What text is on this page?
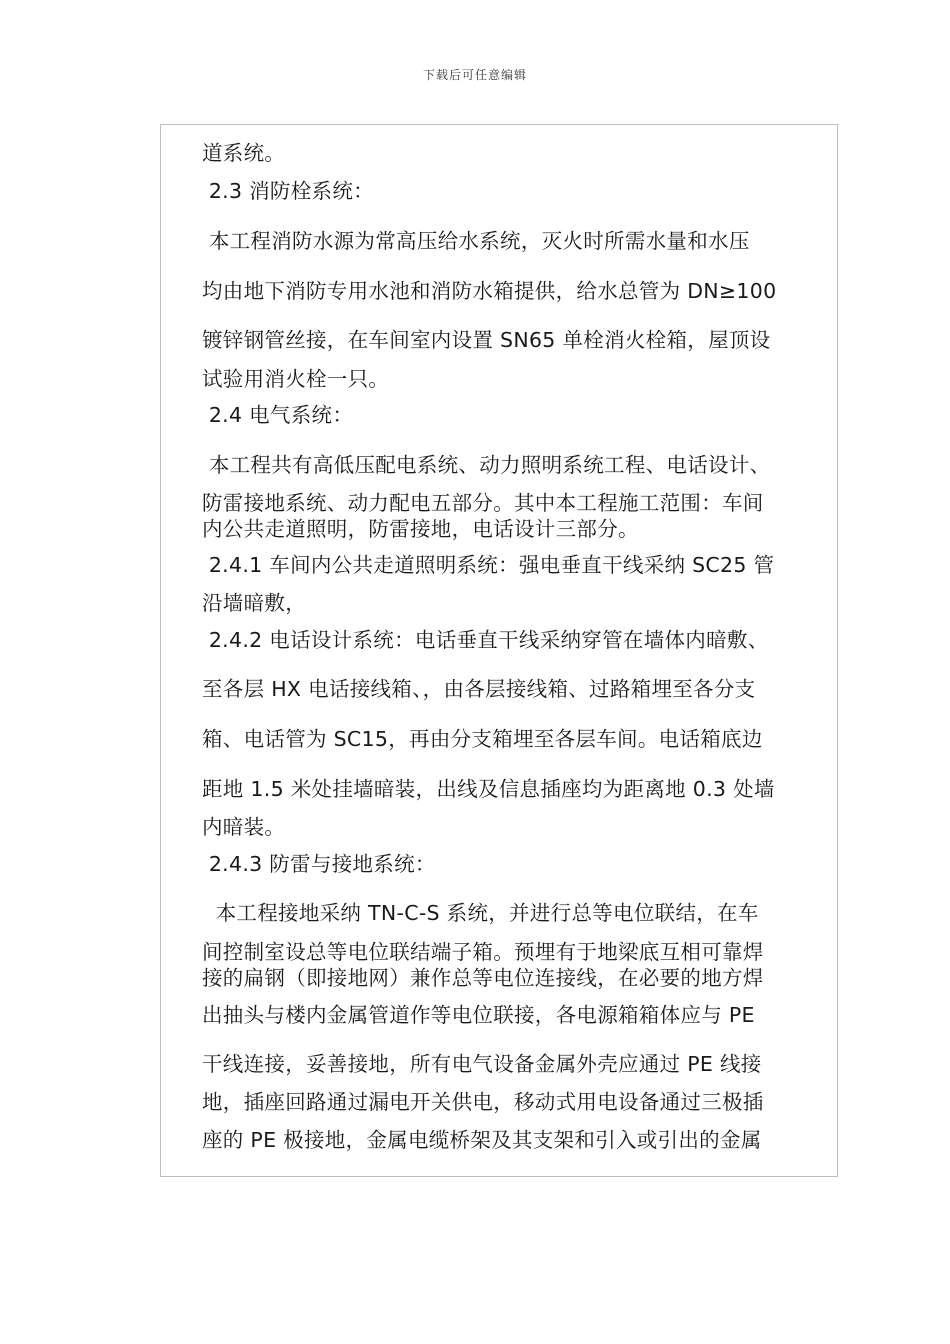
下载后可任意编辑
道系统。
2.3 消防栓系统：
本工程消防水源为常高压给水系统，灭火时所需水量和水压
均由地下消防专用水池和消防水箱提供，给水总管为 DN≥100
镀锌钢管丝接，在车间室内设置 SN65 单栓消火栓箱，屋顶设
试验用消火栓一只。
2.4 电气系统：
本工程共有高低压配电系统、动力照明系统工程、电话设计、
防雷接地系统、动力配电五部分。其中本工程施工范围：车间
内公共走道照明，防雷接地，电话设计三部分。
2.4.1 车间内公共走道照明系统：强电垂直干线采纳 SC25 管
沿墙暗敷，
2.4.2 电话设计系统：电话垂直干线采纳穿管在墙体内暗敷、
至各层 HX 电话接线箱、，由各层接线箱、过路箱埋至各分支
箱、电话管为 SC15，再由分支箱埋至各层车间。电话箱底边
距地 1.5 米处挂墙暗装，出线及信息插座均为距离地 0.3 处墙
内暗装。
2.4.3 防雷与接地系统：
本工程接地采纳 TN-C-S 系统，并进行总等电位联结，在车
间控制室设总等电位联结端子箱。预埋有于地梁底互相可靠焊
接的扁钢（即接地网）兼作总等电位连接线，在必要的地方焊
出抽头与楼内金属管道作等电位联接，各电源箱箱体应与 PE
干线连接，妥善接地，所有电气设备金属外壳应通过 PE 线接
地，插座回路通过漏电开关供电，移动式用电设备通过三极插
座的 PE 极接地，金属电缆桥架及其支架和引入或引出的金属
